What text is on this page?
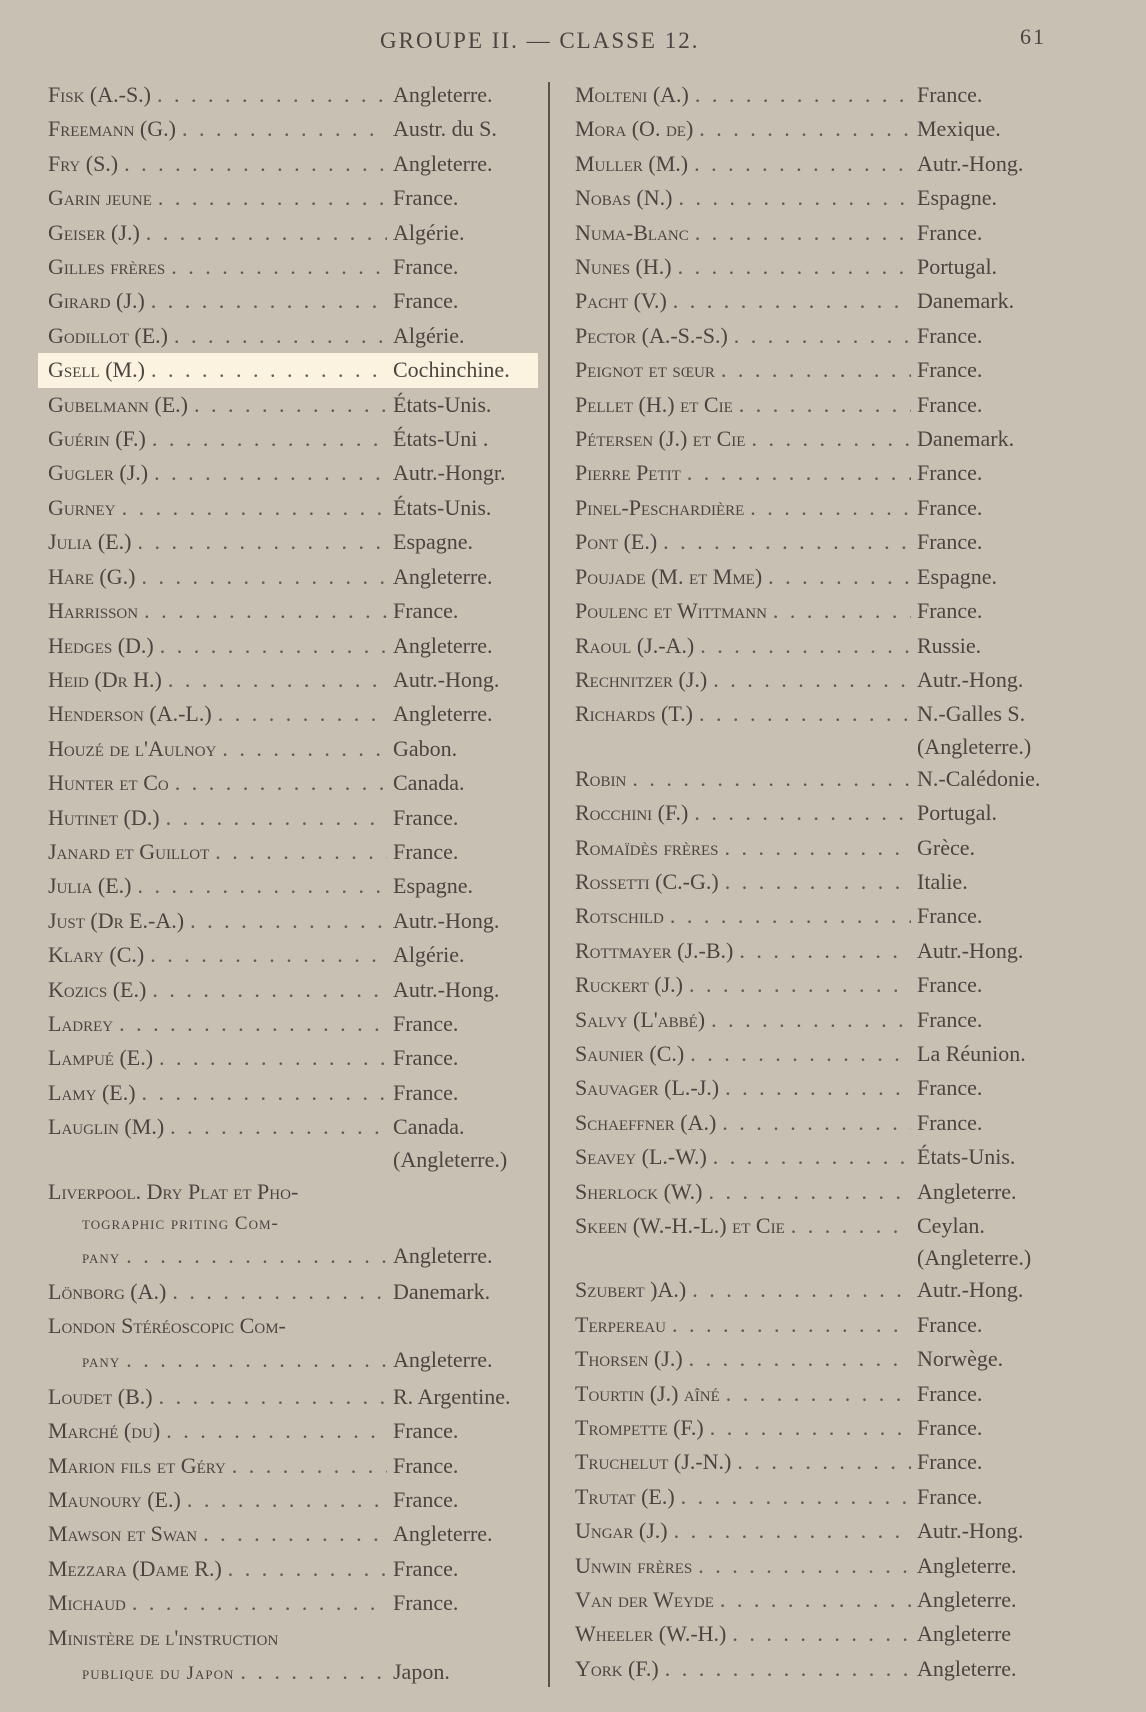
GROUPE II. — CLASSE 12.	61
Fisk (A.-S.) . . .	Angleterre.
Freemann (G.) . . .	Austr. du S.
Fry (S.) . . .	Angleterre.
Garin jeune . . .	France.
Geiser (J.) . . .	Algérie.
Gilles frères . . .	France.
Girard (J.) . . .	France.
Godillot (E.) . . .	Algérie.
Gsell (M.) . . .	Cochinchine.
Gubelmann (E.) . . .	États-Unis.
Guérin (F.) . . .	États-Uni .
Gugler (J.) . . .	Autr.-Hongr.
Gurney . . .	États-Unis.
Julia (E.) . . .	Espagne.
Hare (G.) . . .	Angleterre.
Harrisson . . .	France.
Hedges (D.) . . .	Angleterre.
Heid (Dr H.) . . .	Autr.-Hong.
Henderson (A.-L.) . . .	Angleterre.
Houzé de l'Aulnoy . . .	Gabon.
Hunter et Co . . .	Canada.
Hutinet (D.) . . .	France.
Janard et Guillot . . .	France.
Julia (E.) . . .	Espagne.
Just (Dr E.-A.) . . .	Autr.-Hong.
Klary (C.) . . .	Algérie.
Kozics (E.) . . .	Autr.-Hong.
Ladrey . . .	France.
Lampué (E.) . . .	France.
Lamy (E.) . . .	France.
Lauglin (M.) . . .	Canada.
(Angleterre.)
Liverpool. Dry Plat et Pho-
tographic priting Com-
pany . . .	Angleterre.
Lönborg (A.) . . .	Danemark.
London Stéréoscopic Com-
pany . . .	Angleterre.
Loudet (B.) . . .	R. Argentine.
Marché (du) . . .	France.
Marion fils et Géry . . .	France.
Maunoury (E.) . . .	France.
Mawson et Swan . . .	Angleterre.
Mezzara (Dame R.) . . .	France.
Michaud . . .	France.
Ministère de l'instruction
publique du Japon . . .	Japon.
Molteni (A.) . . .	France.
Mora (O. de) . . .	Mexique.
Muller (M.) . . .	Autr.-Hong.
Nobas (N.) . . .	Espagne.
Numa-Blanc . . .	France.
Nunes (H.) . . .	Portugal.
Pacht (V.) . . .	Danemark.
Pector (A.-S.-S.) . . .	France.
Peignot et sœur . . .	France.
Pellet (H.) et Cie . . .	France.
Pétersen (J.) et Cie . . .	Danemark.
Pierre Petit . . .	France.
Pinel-Peschardière . . .	France.
Pont (E.) . . .	France.
Poujade (M. et Mme) . . .	Espagne.
Poulenc et Wittmann . . .	France.
Raoul (J.-A.) . . .	Russie.
Rechnitzer (J.) . . .	Autr.-Hong.
Richards (T.) . . .	N.-Galles S.
(Angleterre.)
Robin . . .	N.-Calédonie.
Rocchini (F.) . . .	Portugal.
Romaïdès frères . . .	Grèce.
Rossetti (C.-G.) . . .	Italie.
Rotschild . . .	France.
Rottmayer (J.-B.) . . .	Autr.-Hong.
Ruckert (J.) . . .	France.
Salvy (L'abbé) . . .	France.
Saunier (C.) . . .	La Réunion.
Sauvager (L.-J.) . . .	France.
Schaeffner (A.) . . .	France.
Seavey (L.-W.) . . .	États-Unis.
Sherlock (W.) . . .	Angleterre.
Skeen (W.-H.-L.) et Cie . . .	Ceylan.
(Angleterre.)
Szubert )A.) . . .	Autr.-Hong.
Terpereau . . .	France.
Thorsen (J.) . . .	Norwège.
Tourtin (J.) aîné . . .	France.
Trompette (F.) . . .	France.
Truchelut (J.-N.) . . .	France.
Trutat (E.) . . .	France.
Ungar (J.) . . .	Autr.-Hong.
Unwin frères . . .	Angleterre.
Van der Weyde . . .	Angleterre.
Wheeler (W.-H.) . . .	Angleterre
York (F.) . . .	Angleterre.
